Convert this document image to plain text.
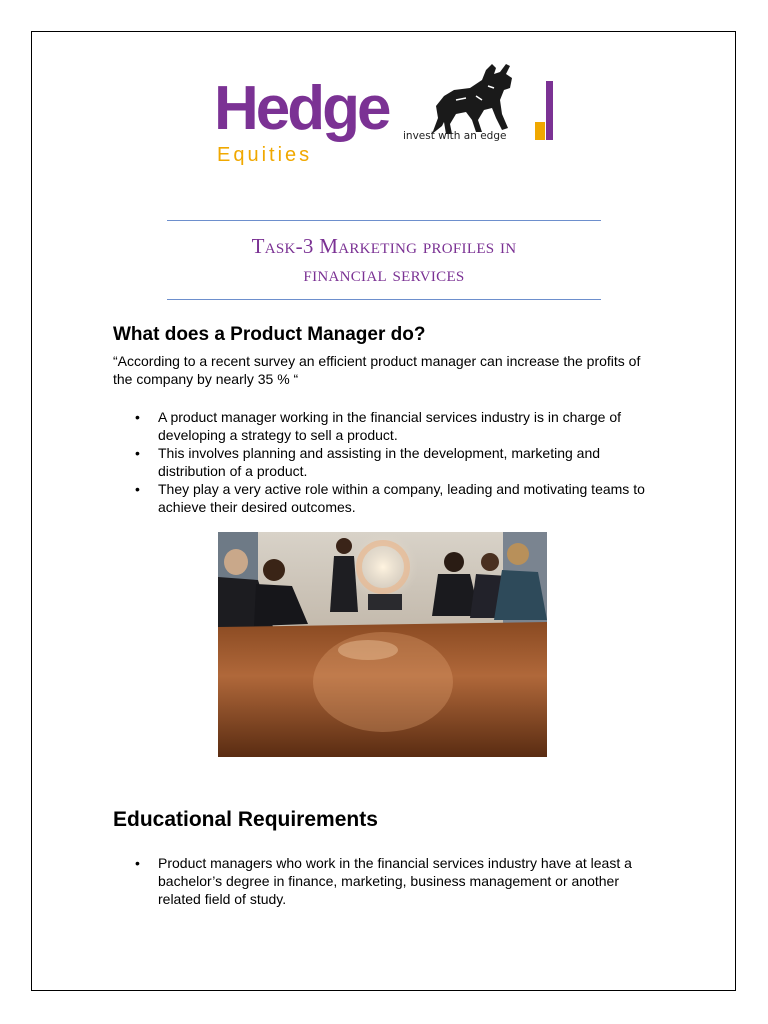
Hedge
Equities
invest with an edge
Task-3 Marketing profiles in
financial services
What does a Product Manager do?
“According to a recent survey an efficient product manager can increase the profits of the company by nearly 35 % “
• A product manager working in the financial services industry is in charge of developing a strategy to sell a product.
• This involves planning and assisting in the development, marketing and distribution of a product.
• They play a very active role within a company, leading and motivating teams to achieve their desired outcomes.
Educational Requirements
• Product managers who work in the financial services industry have at least a bachelor’s degree in finance, marketing, business management or another related field of study.
